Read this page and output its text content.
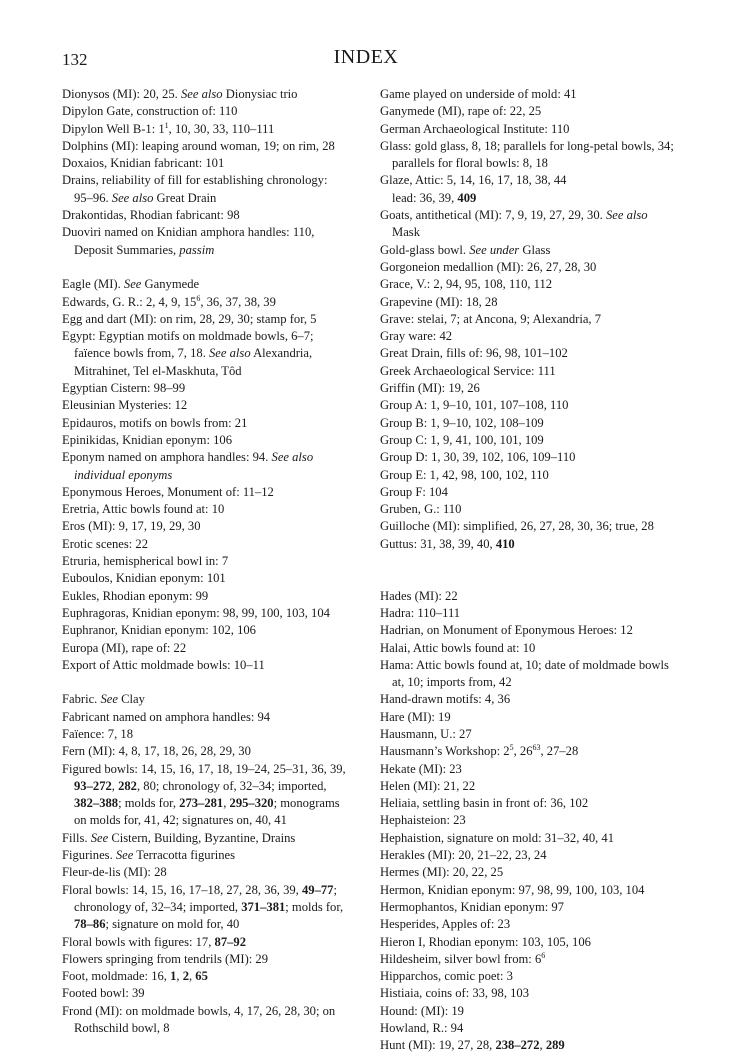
132	INDEX

Dionysos (MI): 20, 25. See also Dionysiac trio

Dipylon Gate, construction of: 110

Dipylon Well B-1: $1^1$, 10, 30, 33, 110–111

Dolphins (MI): leaping around woman, 19; on rim, 28

Doxaios, Knidian fabricant: 101

Drains, reliability of fill for establishing chronology: 95–96. See also Great Drain

Drakontidas, Rhodian fabricant: 98

Duoviri named on Knidian amphora handles: 110, Deposit Summaries, passim

Eagle (MI). See Ganymede

Edwards, G. R.: 2, 4, 9, $15^6$, 36, 37, 38, 39

Egg and dart (MI): on rim, 28, 29, 30; stamp for, 5

Egypt: Egyptian motifs on moldmade bowls, 6–7; faïence bowls from, 7, 18. See also Alexandria, Mitrahinet, Tel el-Maskhuta, Tôd

Egyptian Cistern: 98–99

Eleusinian Mysteries: 12

Epidauros, motifs on bowls from: 21

Epinikidas, Knidian eponym: 106

Eponym named on amphora handles: 94. See also individual eponyms

Eponymous Heroes, Monument of: 11–12

Eretria, Attic bowls found at: 10

Eros (MI): 9, 17, 19, 29, 30

Erotic scenes: 22

Etruria, hemispherical bowl in: 7

Euboulos, Knidian eponym: 101

Eukles, Rhodian eponym: 99

Euphragoras, Knidian eponym: 98, 99, 100, 103, 104

Euphranor, Knidian eponym: 102, 106

Europa (MI), rape of: 22

Export of Attic moldmade bowls: 10–11

Fabric. See Clay

Fabricant named on amphora handles: 94

Faïence: 7, 18

Fern (MI): 4, 8, 17, 18, 26, 28, 29, 30

Figured bowls: 14, 15, 16, 17, 18, 19–24, 25–31, 36, 39, 93–272, 282, 80; chronology of, 32–34; imported, 382–388; molds for, 273–281, 295–320; monograms on molds for, 41, 42; signatures on, 40, 41

Fills. See Cistern, Building, Byzantine, Drains

Figurines. See Terracotta figurines

Fleur-de-lis (MI): 28

Floral bowls: 14, 15, 16, 17–18, 27, 28, 36, 39, 49–77; chronology of, 32–34; imported, 371–381; molds for, 78–86; signature on mold for, 40

Floral bowls with figures: 17, 87–92

Flowers springing from tendrils (MI): 29

Foot, moldmade: 16, 1, 2, 65

Footed bowl: 39

Frond (MI): on moldmade bowls, 4, 17, 26, 28, 30; on Rothschild bowl, 8

Game played on underside of mold: 41

Ganymede (MI), rape of: 22, 25

German Archaeological Institute: 110

Glass: gold glass, 8, 18; parallels for long-petal bowls, 34; parallels for floral bowls: 8, 18

Glaze, Attic: 5, 14, 16, 17, 18, 38, 44

lead: 36, 39, 409

Goats, antithetical (MI): 7, 9, 19, 27, 29, 30. See also Mask

Gold-glass bowl. See under Glass

Gorgoneion medallion (MI): 26, 27, 28, 30

Grace, V.: 2, 94, 95, 108, 110, 112

Grapevine (MI): 18, 28

Grave: stelai, 7; at Ancona, 9; Alexandria, 7

Gray ware: 42

Great Drain, fills of: 96, 98, 101–102

Greek Archaeological Service: 111

Griffin (MI): 19, 26

Group A: 1, 9–10, 101, 107–108, 110

Group B: 1, 9–10, 102, 108–109

Group C: 1, 9, 41, 100, 101, 109

Group D: 1, 30, 39, 102, 106, 109–110

Group E: 1, 42, 98, 100, 102, 110

Group F: 104

Gruben, G.: 110

Guilloche (MI): simplified, 26, 27, 28, 30, 36; true, 28

Guttus: 31, 38, 39, 40, 410

Hades (MI): 22

Hadra: 110–111

Hadrian, on Monument of Eponymous Heroes: 12

Halai, Attic bowls found at: 10

Hama: Attic bowls found at, 10; date of moldmade bowls at, 10; imports from, 42

Hand-drawn motifs: 4, 36

Hare (MI): 19

Hausmann, U.: 27

Hausmann’s Workshop: $2^5$, $26^{63}$, 27–28

Hekate (MI): 23

Helen (MI): 21, 22

Heliaia, settling basin in front of: 36, 102

Hephaisteion: 23

Hephaistion, signature on mold: 31–32, 40, 41

Herakles (MI): 20, 21–22, 23, 24

Hermes (MI): 20, 22, 25

Hermon, Knidian eponym: 97, 98, 99, 100, 103, 104

Hermophantos, Knidian eponym: 97

Hesperides, Apples of: 23

Hieron I, Rhodian eponym: 103, 105, 106

Hildesheim, silver bowl from: $6^6$

Hipparchos, comic poet: 3

Histiaia, coins of: 33, 98, 103

Hound: (MI): 19

Howland, R.: 94

Hunt (MI): 19, 27, 28, 238–272, 289
